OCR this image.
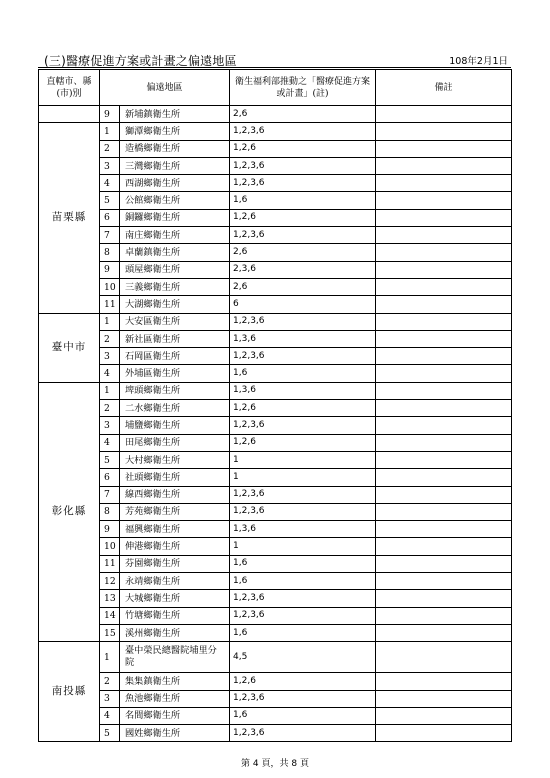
(三)醫療促進方案或計畫之偏遠地區	108年2月1日
直轄市、縣(市)別	偏遠地區		衛生福利部推動之「醫療促進方案或計畫」(註)	備註
	9	新埔鎮衛生所	2,6	
苗栗縣	1	獅潭鄉衛生所	1,2,3,6	
	2	造橋鄉衛生所	1,2,6	
	3	三灣鄉衛生所	1,2,3,6	
	4	西湖鄉衛生所	1,2,3,6	
	5	公館鄉衛生所	1,6	
	6	銅鑼鄉衛生所	1,2,6	
	7	南庄鄉衛生所	1,2,3,6	
	8	卓蘭鎮衛生所	2,6	
	9	頭屋鄉衛生所	2,3,6	
	10	三義鄉衛生所	2,6	
	11	大湖鄉衛生所	6	
臺中市	1	大安區衛生所	1,2,3,6	
	2	新社區衛生所	1,3,6	
	3	石岡區衛生所	1,2,3,6	
	4	外埔區衛生所	1,6	
彰化縣	1	埤頭鄉衛生所	1,3,6	
	2	二水鄉衛生所	1,2,6	
	3	埔鹽鄉衛生所	1,2,3,6	
	4	田尾鄉衛生所	1,2,6	
	5	大村鄉衛生所	1	
	6	社頭鄉衛生所	1	
	7	線西鄉衛生所	1,2,3,6	
	8	芳苑鄉衛生所	1,2,3,6	
	9	福興鄉衛生所	1,3,6	
	10	伸港鄉衛生所	1	
	11	芬園鄉衛生所	1,6	
	12	永靖鄉衛生所	1,6	
	13	大城鄉衛生所	1,2,3,6	
	14	竹塘鄉衛生所	1,2,3,6	
	15	溪州鄉衛生所	1,6	
南投縣	1	臺中榮民總醫院埔里分院	4,5	
	2	集集鎮衛生所	1,2,6	
	3	魚池鄉衛生所	1,2,3,6	
	4	名間鄉衛生所	1,6	
	5	國姓鄉衛生所	1,2,3,6	
第 4 頁，共 8 頁
